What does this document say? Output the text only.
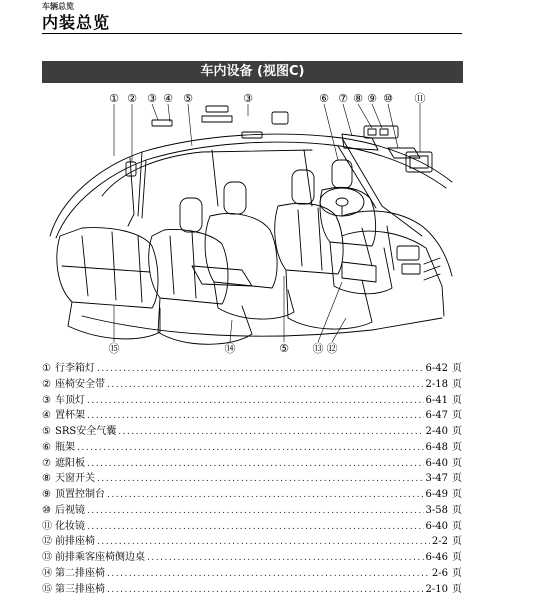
车辆总览
内装总览
车内设备 (视图C)
① ② ③ ④ ⑤	③	⑥ ⑦ ⑧ ⑨ ⑩ ⑪
⑮	⑭	⑤ ⑬ ⑫
① 行李箱灯 .....	6-42 页
② 座椅安全带 .....	2-18 页
③ 车顶灯 .....	6-41 页
④ 置杯架 .....	6-47 页
⑤ SRS安全气囊 .....	2-40 页
⑥ 瓶架 .....	6-48 页
⑦ 遮阳板 .....	6-40 页
⑧ 天窗开关 .....	3-47 页
⑨ 顶置控制台 .....	6-49 页
⑩ 后视镜 .....	3-58 页
⑪ 化妆镜 .....	6-40 页
⑫ 前排座椅 .....	2-2 页
⑬ 前排乘客座椅侧边桌 .....	6-46 页
⑭ 第二排座椅 .....	2-6 页
⑮ 第三排座椅 .....	2-10 页
